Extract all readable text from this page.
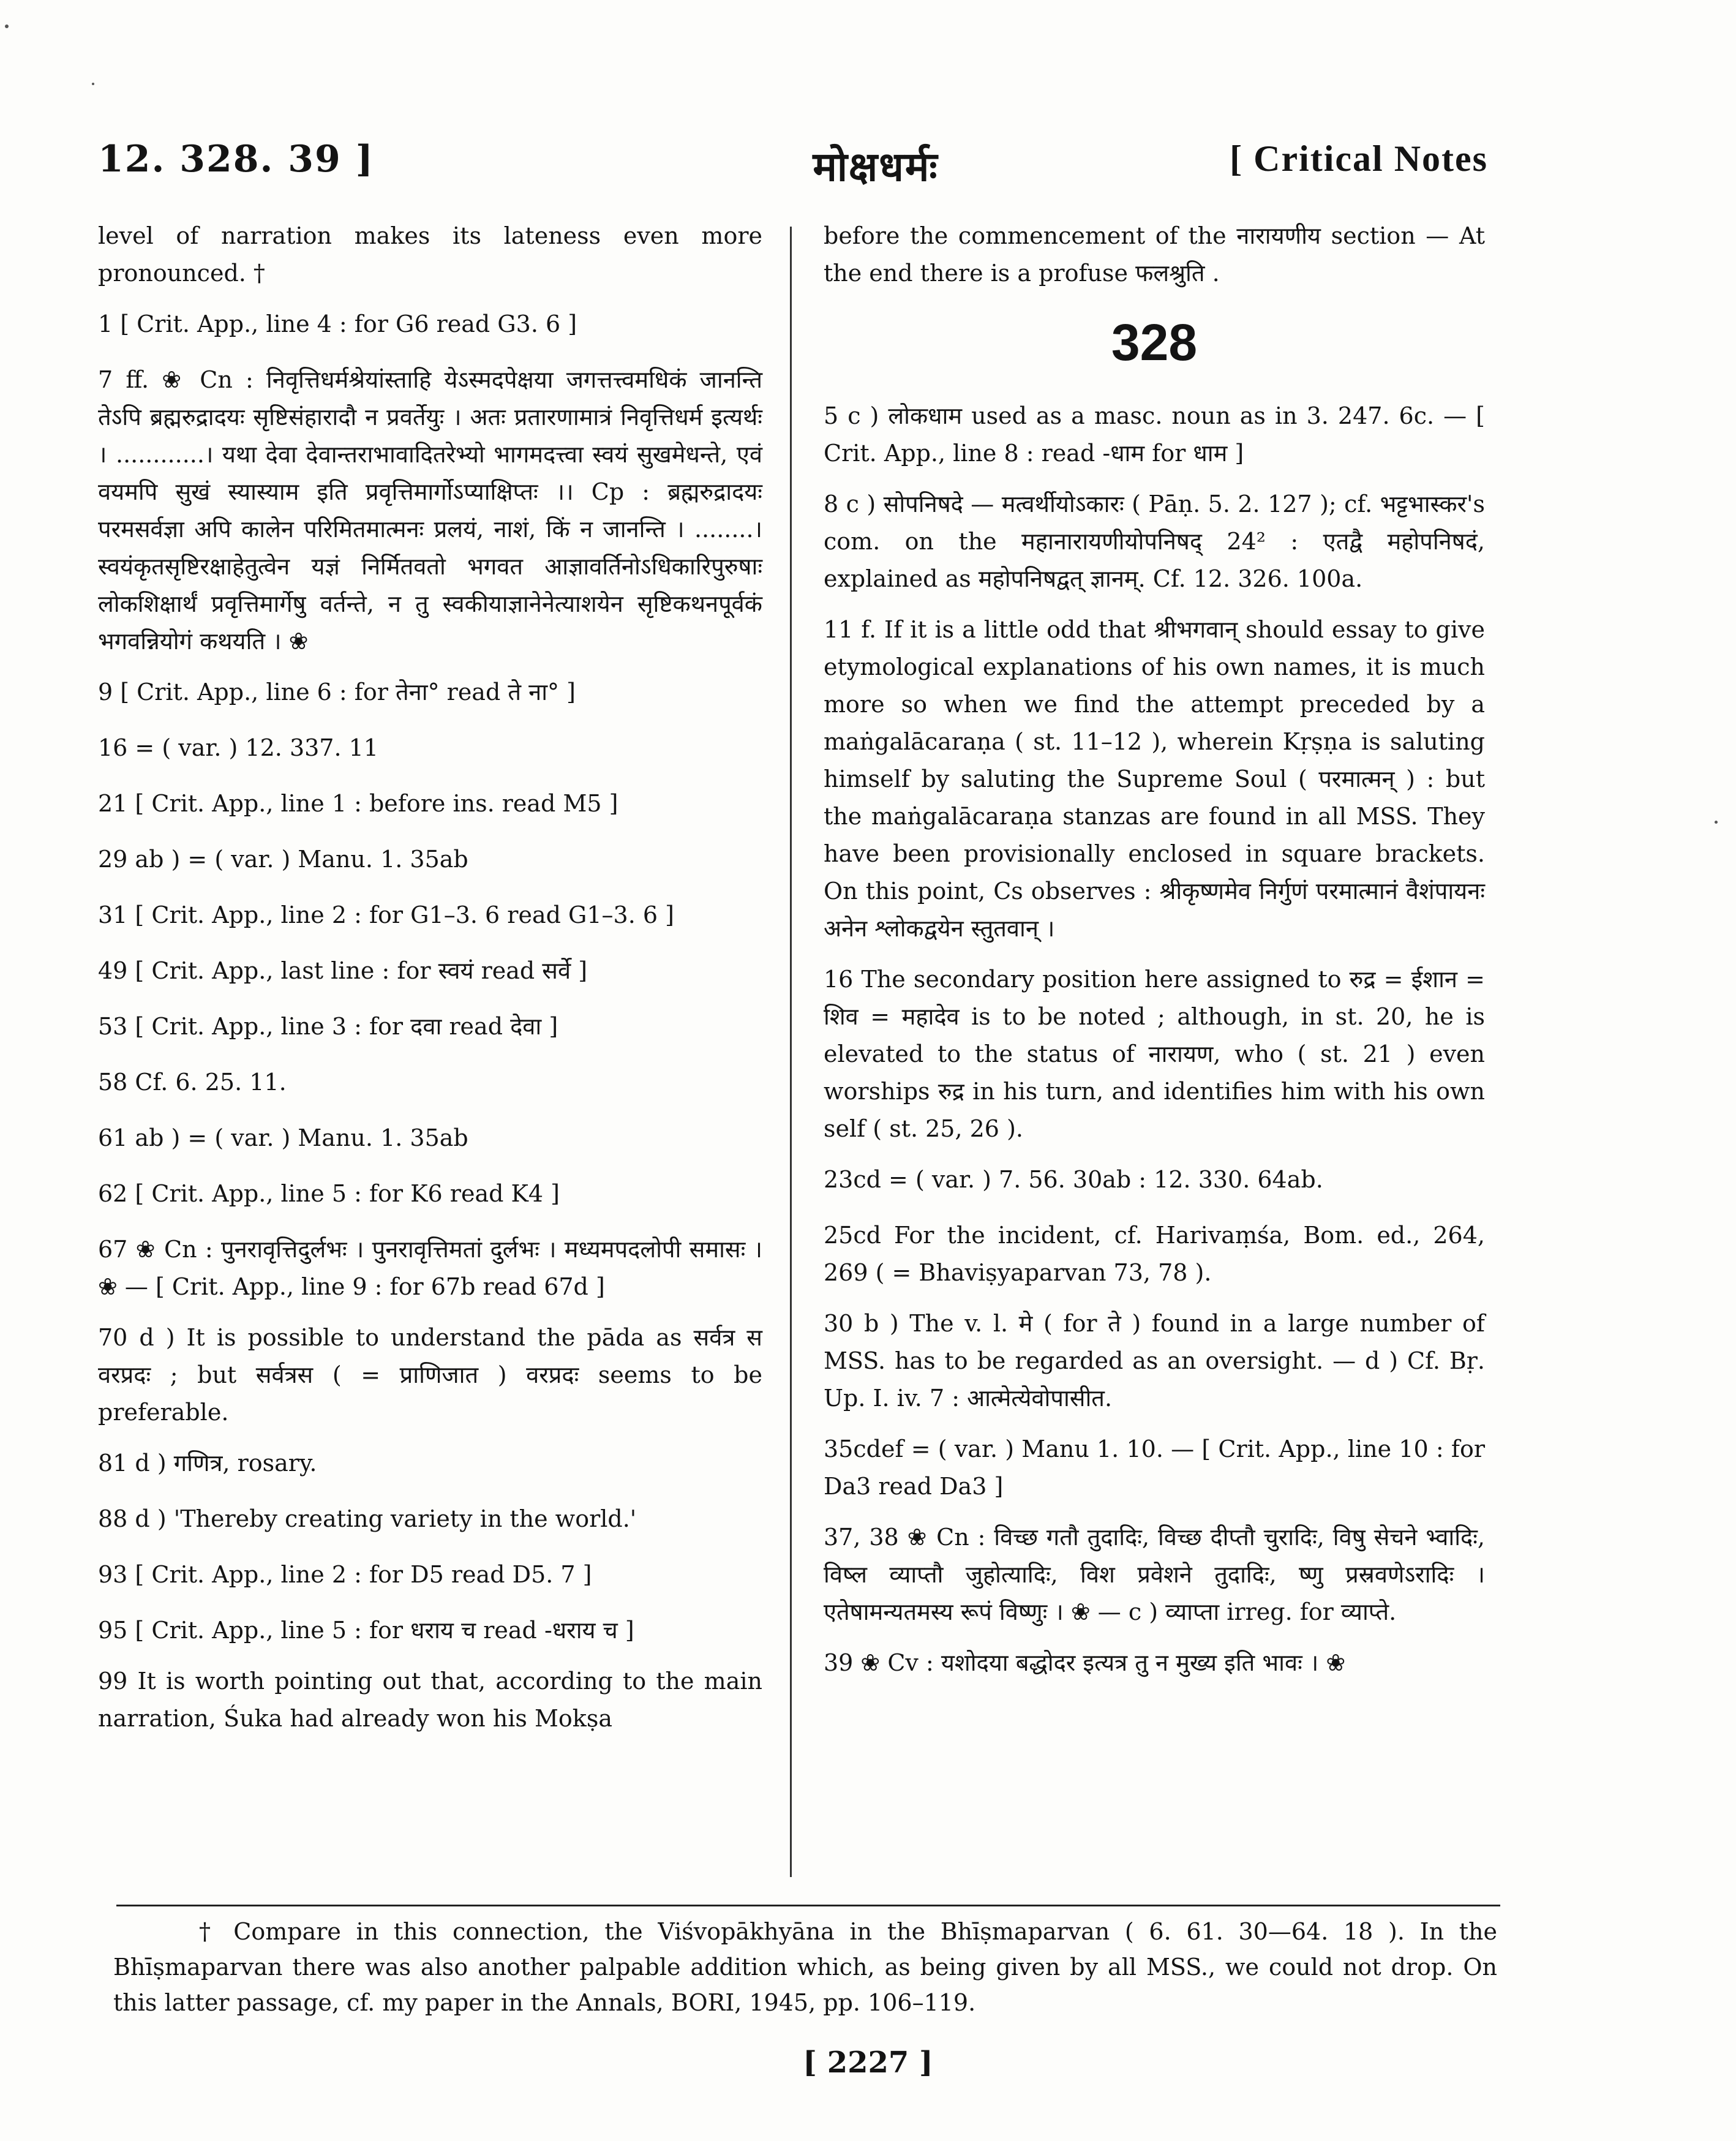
12. 328. 39 ]	मोक्षधर्मः	[ Critical Notes

level of narration makes its lateness even more pronounced. †

1 [ Crit. App., line 4 : for G6 read G3. 6 ]

7 ff. ❀ Cn : निवृत्तिधर्मश्रेयांस्ताहि येऽस्मदपेक्षया जगत्तत्त्वमधिकं जानन्ति तेऽपि ब्रह्मरुद्रादयः सृष्टिसंहारादौ न प्रवर्तेयुः । अतः प्रतारणामात्रं निवृत्तिधर्म इत्यर्थः । ............। यथा देवा देवान्तराभावादितरेभ्यो भागमदत्त्वा स्वयं सुखमेधन्ते, एवं वयमपि सुखं स्यास्याम इति प्रवृत्तिमार्गोऽप्याक्षिप्तः ।। Cp : ब्रह्मरुद्रादयः परमसर्वज्ञा अपि कालेन परिमितमात्मनः प्रलयं, नाशं, किं न जानन्ति । ........। स्वयंकृतसृष्टिरक्षाहेतुत्वेन यज्ञं निर्मितवतो भगवत आज्ञावर्तिनोऽधिकारिपुरुषाः लोकशिक्षार्थं प्रवृत्तिमार्गेषु वर्तन्ते, न तु स्वकीयाज्ञानेनेत्याशयेन सृष्टिकथनपूर्वकं भगवन्नियोगं कथयति । ❀

9 [ Crit. App., line 6 : for तेना° read ते ना° ]

16 = ( var. ) 12. 337. 11

21 [ Crit. App., line 1 : before ins. read M5 ]

29 ab ) = ( var. ) Manu. 1. 35ab

31 [ Crit. App., line 2 : for G1–3. 6 read G1–3. 6 ]

49 [ Crit. App., last line : for स्वयं read सर्वे ]

53 [ Crit. App., line 3 : for दवा read देवा ]

58 Cf. 6. 25. 11.

61 ab ) = ( var. ) Manu. 1. 35ab

62 [ Crit. App., line 5 : for K6 read K4 ]

67 ❀ Cn : पुनरावृत्तिदुर्लभः । पुनरावृत्तिमतां दुर्लभः । मध्यमपदलोपी समासः । ❀ — [ Crit. App., line 9 : for 67b read 67d ]

70 d ) It is possible to understand the pāda as सर्वत्र स वरप्रदः ; but सर्वत्रस ( = प्राणिजात ) वरप्रदः seems to be preferable.

81 d ) गणित्र, rosary.

88 d ) 'Thereby creating variety in the world.'

93 [ Crit. App., line 2 : for D5 read D5. 7 ]

95 [ Crit. App., line 5 : for धराय च read -धराय च ]

99 It is worth pointing out that, according to the main narration, Śuka had already won his Mokṣa

before the commencement of the नारायणीय section — At the end there is a profuse फलश्रुति .

328

5 c ) लोकधाम used as a masc. noun as in 3. 247. 6c. — [ Crit. App., line 8 : read -धाम for धाम ]

8 c ) सोपनिषदे — मत्वर्थीयोऽकारः ( Pāṇ. 5. 2. 127 ); cf. भट्टभास्कर's com. on the महानारायणीयोपनिषद् 24² : एतद्वै महोपनिषदं, explained as महोपनिषद्वत् ज्ञानम्. Cf. 12. 326. 100a.

11 f. If it is a little odd that श्रीभगवान् should essay to give etymological explanations of his own names, it is much more so when we find the attempt preceded by a maṅgalācaraṇa ( st. 11–12 ), wherein Kṛṣṇa is saluting himself by saluting the Supreme Soul ( परमात्मन् ) : but the maṅgalācaraṇa stanzas are found in all MSS. They have been provisionally enclosed in square brackets. On this point, Cs observes : श्रीकृष्णमेव निर्गुणं परमात्मानं वैशंपायनः अनेन श्लोकद्वयेन स्तुतवान् ।

16 The secondary position here assigned to रुद्र = ईशान = शिव = महादेव is to be noted ; although, in st. 20, he is elevated to the status of नारायण, who ( st. 21 ) even worships रुद्र in his turn, and identifies him with his own self ( st. 25, 26 ).

23cd = ( var. ) 7. 56. 30ab : 12. 330. 64ab.

25cd For the incident, cf. Harivaṃśa, Bom. ed., 264, 269 ( = Bhaviṣyaparvan 73, 78 ).

30 b ) The v. l. मे ( for ते ) found in a large number of MSS. has to be regarded as an oversight. — d ) Cf. Bṛ. Up. I. iv. 7 : आत्मेत्येवोपासीत.

35cdef = ( var. ) Manu 1. 10. — [ Crit. App., line 10 : for Da3 read Da3 ]

37, 38 ❀ Cn : विच्छ गतौ तुदादिः, विच्छ दीप्तौ चुरादिः, विषु सेचने भ्वादिः, विष्ल व्याप्तौ जुहोत्यादिः, विश प्रवेशने तुदादिः, ष्णु प्रस्रवणेऽरादिः । एतेषामन्यतमस्य रूपं विष्णुः । ❀ — c ) व्याप्ता irreg. for व्याप्ते.

39 ❀ Cv : यशोदया बद्धोदर इत्यत्र तु न मुख्य इति भावः । ❀

† Compare in this connection, the Viśvopākhyāna in the Bhīṣmaparvan ( 6. 61. 30—64. 18 ). In the Bhīṣmaparvan there was also another palpable addition which, as being given by all MSS., we could not drop. On this latter passage, cf. my paper in the Annals, BORI, 1945, pp. 106–119.
[ 2227 ]
